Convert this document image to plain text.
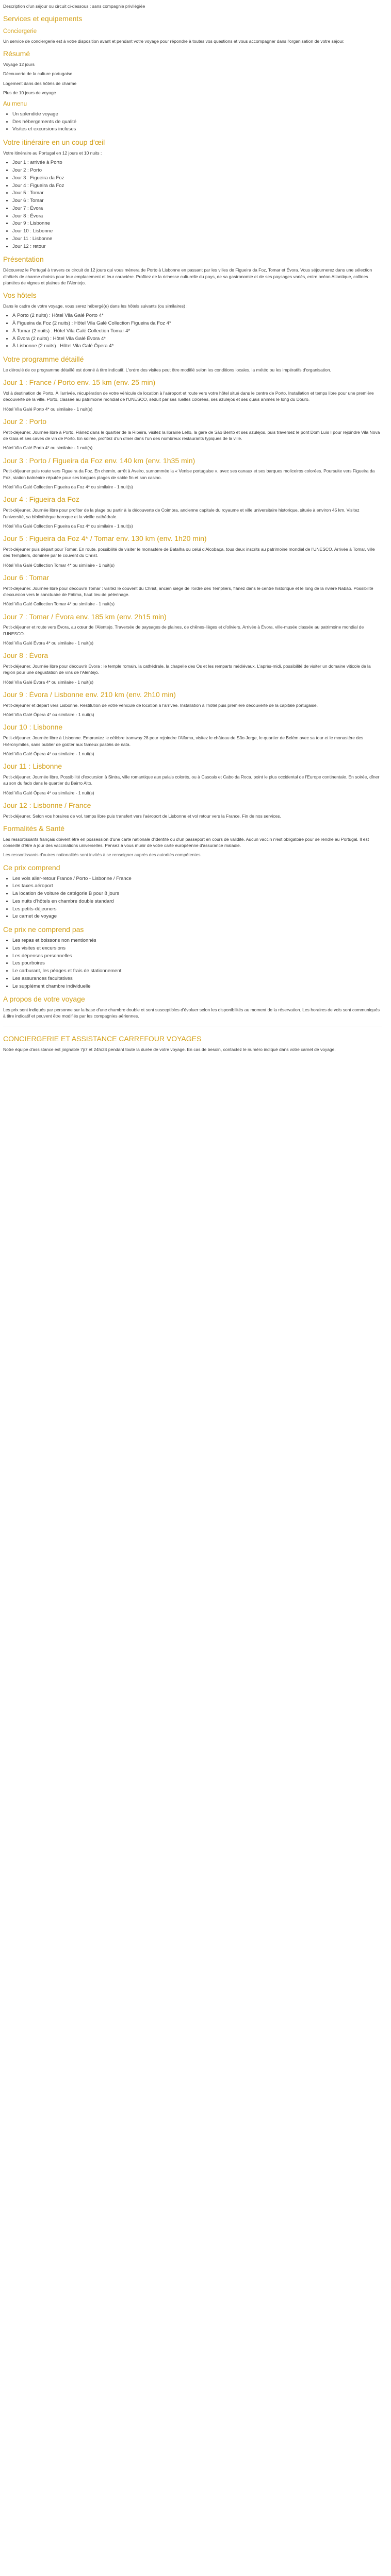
Description d'un séjour ou circuit ci-dessous : sans compagnie privilégiée

Services et equipements
Conciergerie

Un service de conciergerie est à votre disposition avant et pendant votre voyage pour répondre à toutes vos questions et vous accompagner dans l'organisation de votre séjour.

Résumé

Voyage 12 jours

Découverte de la culture portugaise

Logement dans des hôtels de charme

Plus de 10 jours de voyage

Au menu
• Un splendide voyage
• Des hébergements de qualité
• Visites et excursions incluses
Votre itinéraire en un coup d'œil

Votre itinéraire au Portugal en 12 jours et 10 nuits :

• Jour 1 : arrivée à Porto
• Jour 2 : Porto
• Jour 3 : Figueira da Foz
• Jour 4 : Figueira da Foz
• Jour 5 : Tomar
• Jour 6 : Tomar
• Jour 7 : Évora
• Jour 8 : Évora
• Jour 9 : Lisbonne
• Jour 10 : Lisbonne
• Jour 11 : Lisbonne
• Jour 12 : retour
Présentation

Découvrez le Portugal à travers ce circuit de 12 jours qui vous mènera de Porto à Lisbonne en passant par les villes de Figueira da Foz, Tomar et Évora. Vous séjournerez dans une sélection d'hôtels de charme choisis pour leur emplacement et leur caractère. Profitez de la richesse culturelle du pays, de sa gastronomie et de ses paysages variés, entre océan Atlantique, collines plantées de vignes et plaines de l'Alentejo.

Vos hôtels

Dans le cadre de votre voyage, vous serez hébergé(e) dans les hôtels suivants (ou similaires) :

• À Porto (2 nuits) : Hôtel Vila Galé Porto 4*
• À Figueira da Foz (2 nuits) : Hôtel Vila Galé Collection Figueira da Foz 4*
• À Tomar (2 nuits) : Hôtel Vila Galé Collection Tomar 4*
• À Évora (2 nuits) : Hôtel Vila Galé Évora 4*
• À Lisbonne (2 nuits) : Hôtel Vila Galé Ópera 4*
Votre programme détaillé

Le déroulé de ce programme détaillé est donné à titre indicatif. L'ordre des visites peut être modifié selon les conditions locales, la météo ou les impératifs d'organisation.

Jour 1 : France / Porto env. 15 km (env. 25 min)

Vol à destination de Porto. À l'arrivée, récupération de votre véhicule de location à l'aéroport et route vers votre hôtel situé dans le centre de Porto. Installation et temps libre pour une première découverte de la ville. Porto, classée au patrimoine mondial de l'UNESCO, séduit par ses ruelles colorées, ses azulejos et ses quais animés le long du Douro.

Hôtel Vila Galé Porto 4* ou similaire - 1 nuit(s)

Jour 2 : Porto

Petit-déjeuner. Journée libre à Porto. Flânez dans le quartier de la Ribeira, visitez la librairie Lello, la gare de São Bento et ses azulejos, puis traversez le pont Dom Luís I pour rejoindre Vila Nova de Gaia et ses caves de vin de Porto. En soirée, profitez d'un dîner dans l'un des nombreux restaurants typiques de la ville.

Hôtel Vila Galé Porto 4* ou similaire - 1 nuit(s)

Jour 3 : Porto / Figueira da Foz env. 140 km (env. 1h35 min)

Petit-déjeuner puis route vers Figueira da Foz. En chemin, arrêt à Aveiro, surnommée la « Venise portugaise », avec ses canaux et ses barques moliceiros colorées. Poursuite vers Figueira da Foz, station balnéaire réputée pour ses longues plages de sable fin et son casino.

Hôtel Vila Galé Collection Figueira da Foz 4* ou similaire - 1 nuit(s)

Jour 4 : Figueira da Foz

Petit-déjeuner. Journée libre pour profiter de la plage ou partir à la découverte de Coimbra, ancienne capitale du royaume et ville universitaire historique, située à environ 45 km. Visitez l'université, sa bibliothèque baroque et la vieille cathédrale.

Hôtel Vila Galé Collection Figueira da Foz 4* ou similaire - 1 nuit(s)

Jour 5 : Figueira da Foz 4* / Tomar env. 130 km (env. 1h20 min)

Petit-déjeuner puis départ pour Tomar. En route, possibilité de visiter le monastère de Batalha ou celui d'Alcobaça, tous deux inscrits au patrimoine mondial de l'UNESCO. Arrivée à Tomar, ville des Templiers, dominée par le couvent du Christ.

Hôtel Vila Galé Collection Tomar 4* ou similaire - 1 nuit(s)

Jour 6 : Tomar

Petit-déjeuner. Journée libre pour découvrir Tomar : visitez le couvent du Christ, ancien siège de l'ordre des Templiers, flânez dans le centre historique et le long de la rivière Nabão. Possibilité d'excursion vers le sanctuaire de Fátima, haut lieu de pèlerinage.

Hôtel Vila Galé Collection Tomar 4* ou similaire - 1 nuit(s)

Jour 7 : Tomar / Évora env. 185 km (env. 2h15 min)

Petit-déjeuner et route vers Évora, au cœur de l'Alentejo. Traversée de paysages de plaines, de chênes-lièges et d'oliviers. Arrivée à Évora, ville-musée classée au patrimoine mondial de l'UNESCO.

Hôtel Vila Galé Évora 4* ou similaire - 1 nuit(s)

Jour 8 : Évora

Petit-déjeuner. Journée libre pour découvrir Évora : le temple romain, la cathédrale, la chapelle des Os et les remparts médiévaux. L'après-midi, possibilité de visiter un domaine viticole de la région pour une dégustation de vins de l'Alentejo.

Hôtel Vila Galé Évora 4* ou similaire - 1 nuit(s)

Jour 9 : Évora / Lisbonne env. 210 km (env. 2h10 min)

Petit-déjeuner et départ vers Lisbonne. Restitution de votre véhicule de location à l'arrivée. Installation à l'hôtel puis première découverte de la capitale portugaise.

Hôtel Vila Galé Ópera 4* ou similaire - 1 nuit(s)

Jour 10 : Lisbonne

Petit-déjeuner. Journée libre à Lisbonne. Empruntez le célèbre tramway 28 pour rejoindre l'Alfama, visitez le château de São Jorge, le quartier de Belém avec sa tour et le monastère des Hiéronymites, sans oublier de goûter aux fameux pastéis de nata.

Hôtel Vila Galé Ópera 4* ou similaire - 1 nuit(s)

Jour 11 : Lisbonne

Petit-déjeuner. Journée libre. Possibilité d'excursion à Sintra, ville romantique aux palais colorés, ou à Cascais et Cabo da Roca, point le plus occidental de l'Europe continentale. En soirée, dîner au son du fado dans le quartier du Bairro Alto.

Hôtel Vila Galé Ópera 4* ou similaire - 1 nuit(s)

Jour 12 : Lisbonne / France

Petit-déjeuner. Selon vos horaires de vol, temps libre puis transfert vers l'aéroport de Lisbonne et vol retour vers la France. Fin de nos services.

Formalités & Santé

Les ressortissants français doivent être en possession d'une carte nationale d'identité ou d'un passeport en cours de validité. Aucun vaccin n'est obligatoire pour se rendre au Portugal. Il est conseillé d'être à jour des vaccinations universelles. Pensez à vous munir de votre carte européenne d'assurance maladie.

Les ressortissants d'autres nationalités sont invités à se renseigner auprès des autorités compétentes.

Ce prix comprend
• Les vols aller-retour France / Porto - Lisbonne / France
• Les taxes aéroport
• La location de voiture de catégorie B pour 8 jours
• Les nuits d'hôtels en chambre double standard
• Les petits-déjeuners
• Le carnet de voyage
Ce prix ne comprend pas
• Les repas et boissons non mentionnés
• Les visites et excursions
• Les dépenses personnelles
• Les pourboires
• Le carburant, les péages et frais de stationnement
• Les assurances facultatives
• Le supplément chambre individuelle
A propos de votre voyage

Les prix sont indiqués par personne sur la base d'une chambre double et sont susceptibles d'évoluer selon les disponibilités au moment de la réservation. Les horaires de vols sont communiqués à titre indicatif et peuvent être modifiés par les compagnies aériennes.

CONCIERGERIE ET ASSISTANCE CARREFOUR VOYAGES

Notre équipe d'assistance est joignable 7j/7 et 24h/24 pendant toute la durée de votre voyage. En cas de besoin, contactez le numéro indiqué dans votre carnet de voyage.
